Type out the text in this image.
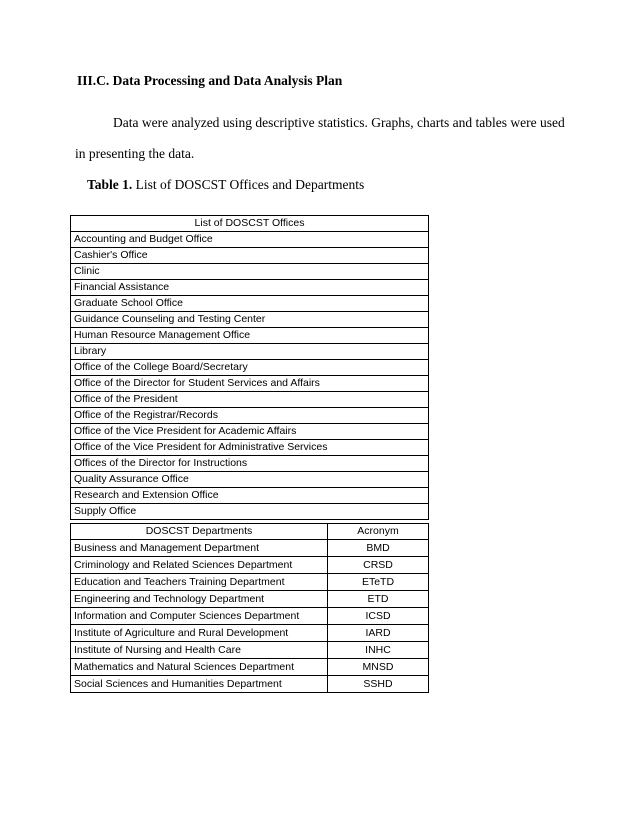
III.C. Data Processing and Data Analysis Plan

Data were analyzed using descriptive statistics. Graphs, charts and tables were used

in presenting the data.

Table 1. List of DOSCST Offices and Departments

List of DOSCST Offices
Accounting and Budget Office
Cashier's Office
Clinic
Financial Assistance
Graduate School Office
Guidance Counseling and Testing Center
Human Resource Management Office
Library
Office of the College Board/Secretary
Office of the Director for Student Services and Affairs
Office of the President
Office of the Registrar/Records
Office of the Vice President for Academic Affairs
Office of the Vice President for Administrative Services
Offices of the Director for Instructions
Quality Assurance Office
Research and Extension Office
Supply Office
DOSCST Departments	Acronym
Business and Management Department	BMD
Criminology and Related Sciences Department	CRSD
Education and Teachers Training Department	ETeTD
Engineering and Technology Department	ETD
Information and Computer Sciences Department	ICSD
Institute of Agriculture and Rural Development	IARD
Institute of Nursing and Health Care	INHC
Mathematics and Natural Sciences Department	MNSD
Social Sciences and Humanities Department	SSHD
